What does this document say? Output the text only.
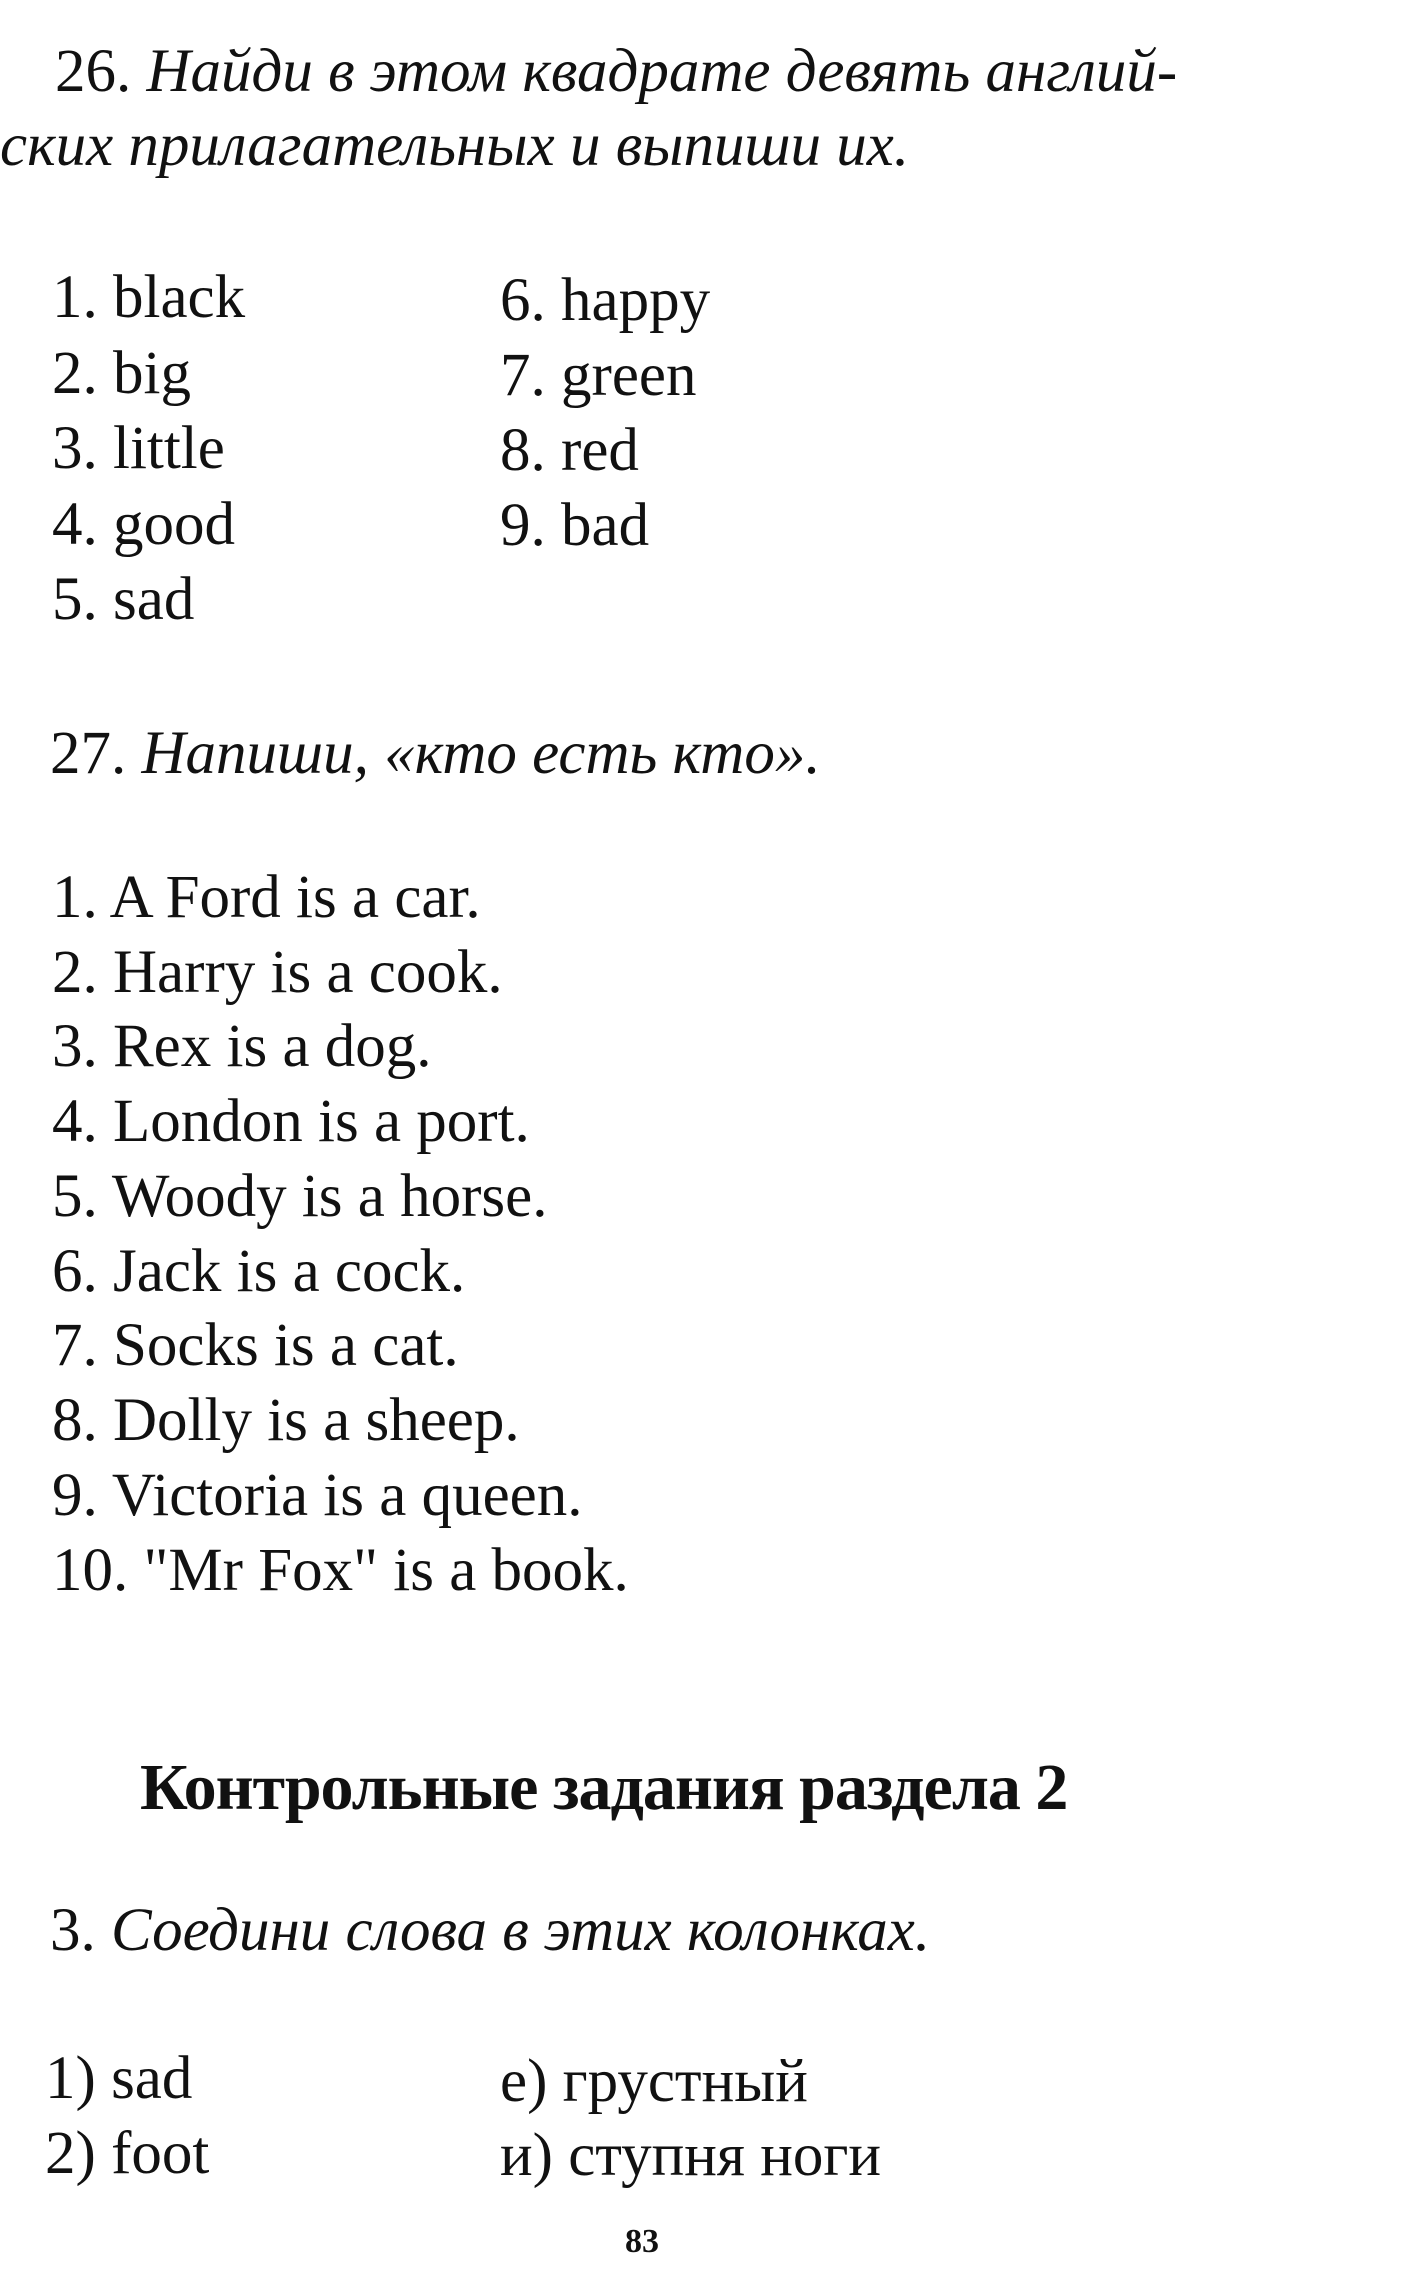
26. Найди в этом квадрате девять англий-
ских прилагательных и выпиши их.
1. black
2. big
3. little
4. good
5. sad
6. happy
7. green
8. red
9. bad
27. Напиши, «кто есть кто».
1. A Ford is a car.
2. Harry is a cook.
3. Rex is a dog.
4. London is a port.
5. Woody is a horse.
6. Jack is a cock.
7. Socks is a cat.
8. Dolly is a sheep.
9. Victoria is a queen.
10. "Mr Fox" is a book.
Контрольные задания раздела 2
3. Соедини слова в этих колонках.
1) sad
2) foot
e) грустный
и) ступня ноги
83
